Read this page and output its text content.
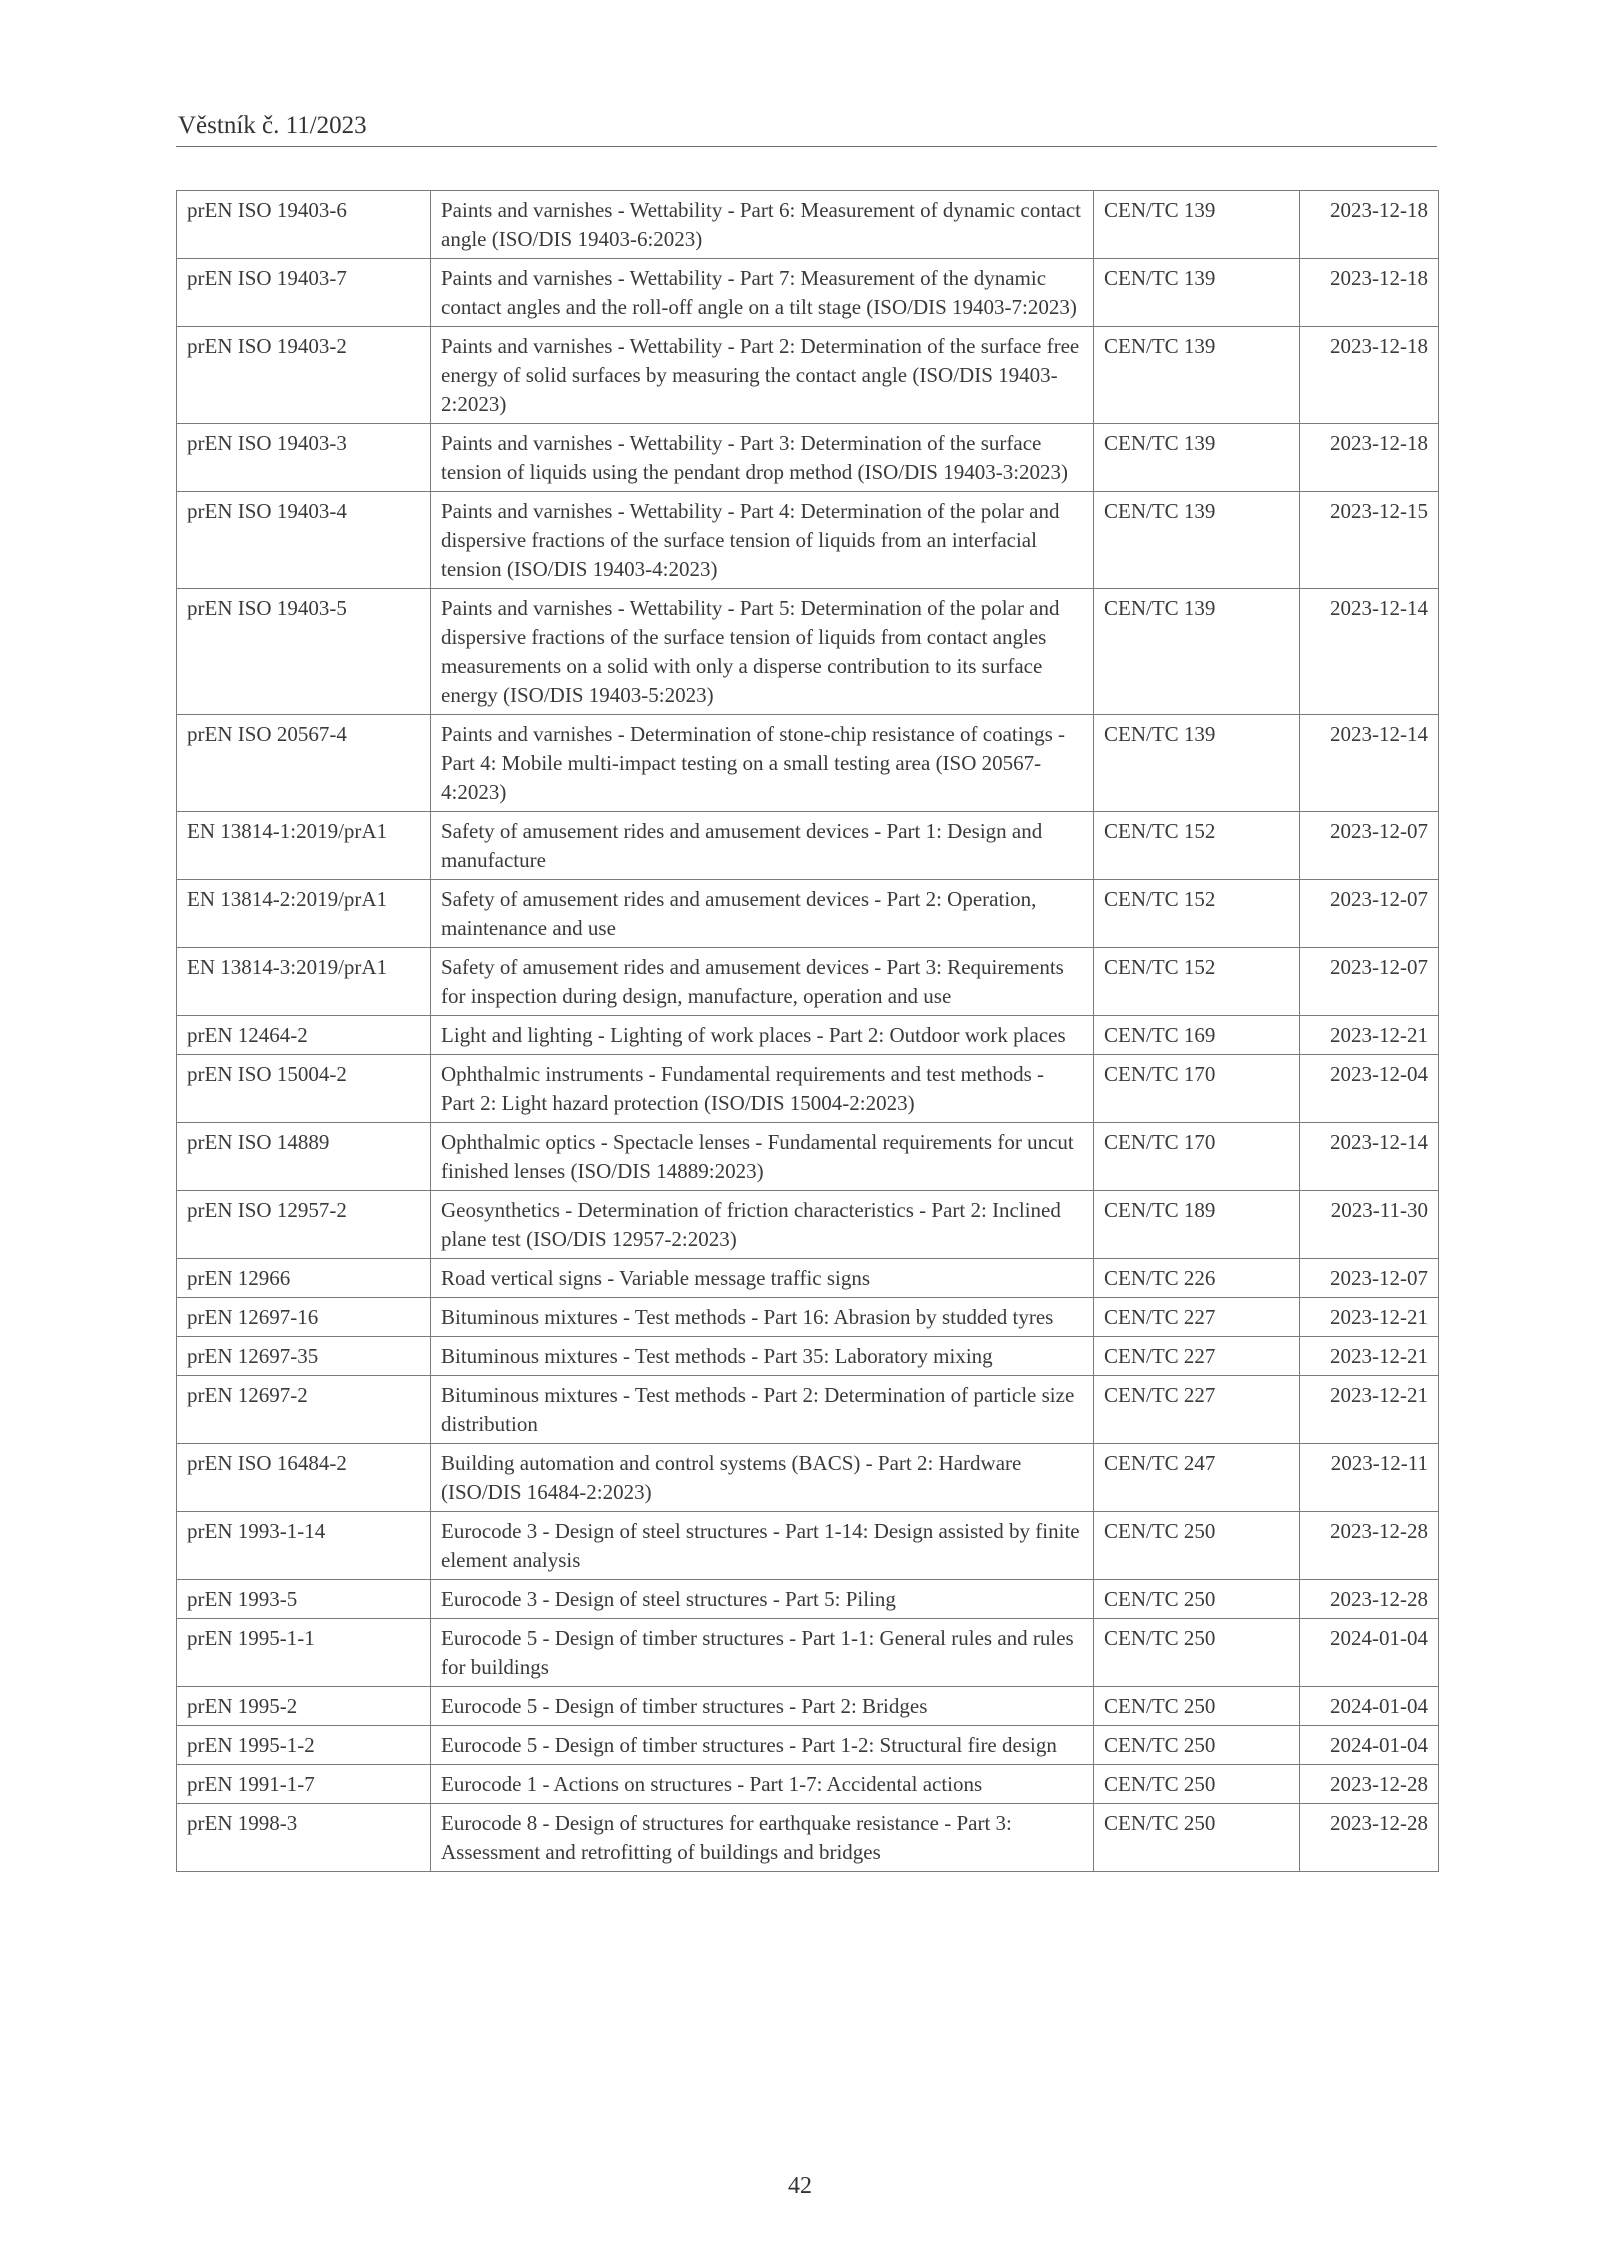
Věstník č. 11/2023
prEN ISO 19403-6	Paints and varnishes - Wettability - Part 6: Measurement of dynamic contact angle (ISO/DIS 19403-6:2023)	CEN/TC 139	2023-12-18
prEN ISO 19403-7	Paints and varnishes - Wettability - Part 7: Measurement of the dynamic contact angles and the roll-off angle on a tilt stage (ISO/DIS 19403-7:2023)	CEN/TC 139	2023-12-18
prEN ISO 19403-2	Paints and varnishes - Wettability - Part 2: Determination of the surface free energy of solid surfaces by measuring the contact angle (ISO/DIS 19403-2:2023)	CEN/TC 139	2023-12-18
prEN ISO 19403-3	Paints and varnishes - Wettability - Part 3: Determination of the surface tension of liquids using the pendant drop method (ISO/DIS 19403-3:2023)	CEN/TC 139	2023-12-18
prEN ISO 19403-4	Paints and varnishes - Wettability - Part 4: Determination of the polar and dispersive fractions of the surface tension of liquids from an interfacial tension (ISO/DIS 19403-4:2023)	CEN/TC 139	2023-12-15
prEN ISO 19403-5	Paints and varnishes - Wettability - Part 5: Determination of the polar and dispersive fractions of the surface tension of liquids from contact angles measurements on a solid with only a disperse contribution to its surface energy (ISO/DIS 19403-5:2023)	CEN/TC 139	2023-12-14
prEN ISO 20567-4	Paints and varnishes - Determination of stone-chip resistance of coatings - Part 4: Mobile multi-impact testing on a small testing area (ISO 20567-4:2023)	CEN/TC 139	2023-12-14
EN 13814-1:2019/prA1	Safety of amusement rides and amusement devices - Part 1: Design and manufacture	CEN/TC 152	2023-12-07
EN 13814-2:2019/prA1	Safety of amusement rides and amusement devices - Part 2: Operation, maintenance and use	CEN/TC 152	2023-12-07
EN 13814-3:2019/prA1	Safety of amusement rides and amusement devices - Part 3: Requirements for inspection during design, manufacture, operation and use	CEN/TC 152	2023-12-07
prEN 12464-2	Light and lighting - Lighting of work places - Part 2: Outdoor work places	CEN/TC 169	2023-12-21
prEN ISO 15004-2	Ophthalmic instruments - Fundamental requirements and test methods - Part 2: Light hazard protection (ISO/DIS 15004-2:2023)	CEN/TC 170	2023-12-04
prEN ISO 14889	Ophthalmic optics - Spectacle lenses - Fundamental requirements for uncut finished lenses (ISO/DIS 14889:2023)	CEN/TC 170	2023-12-14
prEN ISO 12957-2	Geosynthetics - Determination of friction characteristics - Part 2: Inclined plane test (ISO/DIS 12957-2:2023)	CEN/TC 189	2023-11-30
prEN 12966	Road vertical signs - Variable message traffic signs	CEN/TC 226	2023-12-07
prEN 12697-16	Bituminous mixtures - Test methods - Part 16: Abrasion by studded tyres	CEN/TC 227	2023-12-21
prEN 12697-35	Bituminous mixtures - Test methods - Part 35: Laboratory mixing	CEN/TC 227	2023-12-21
prEN 12697-2	Bituminous mixtures - Test methods - Part 2: Determination of particle size distribution	CEN/TC 227	2023-12-21
prEN ISO 16484-2	Building automation and control systems (BACS) - Part 2: Hardware (ISO/DIS 16484-2:2023)	CEN/TC 247	2023-12-11
prEN 1993-1-14	Eurocode 3 - Design of steel structures - Part 1-14: Design assisted by finite element analysis	CEN/TC 250	2023-12-28
prEN 1993-5	Eurocode 3 - Design of steel structures - Part 5: Piling	CEN/TC 250	2023-12-28
prEN 1995-1-1	Eurocode 5 - Design of timber structures - Part 1-1: General rules and rules for buildings	CEN/TC 250	2024-01-04
prEN 1995-2	Eurocode 5 - Design of timber structures - Part 2: Bridges	CEN/TC 250	2024-01-04
prEN 1995-1-2	Eurocode 5 - Design of timber structures - Part 1-2: Structural fire design	CEN/TC 250	2024-01-04
prEN 1991-1-7	Eurocode 1 - Actions on structures - Part 1-7: Accidental actions	CEN/TC 250	2023-12-28
prEN 1998-3	Eurocode 8 - Design of structures for earthquake resistance - Part 3: Assessment and retrofitting of buildings and bridges	CEN/TC 250	2023-12-28
42
